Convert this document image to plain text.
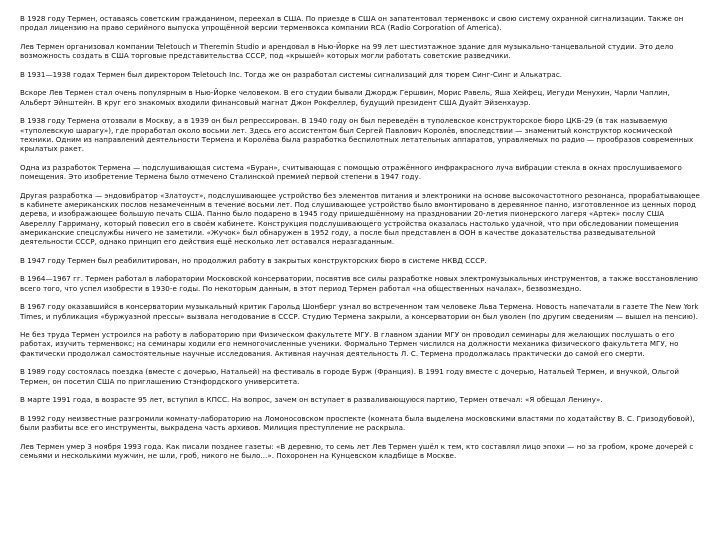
В 1928 году Термен, оставаясь советским гражданином, переехал в США. По приезде в США он запатентовал терменвокс и свою систему охранной сигнализации. Также он продал лицензию на право серийного выпуска упрощённой версии терменвокса компании RCA (Radio Corporation of America).

Лев Термен организовал компании Teletouch и Theremin Studio и арендовал в Нью-Йорке на 99 лет шестиэтажное здание для музыкально-танцевальной студии. Это дело возможность создать в США торговые представительства СССР, под «крышей» которых могли работать советские разведчики.

В 1931—1938 годах Термен был директором Teletouch Inc. Тогда же он разработал системы сигнализаций для тюрем Синг-Синг и Алькатрас.

Вскоре Лев Термен стал очень популярным в Нью-Йорке человеком. В его студии бывали Джордж Гершвин, Морис Равель, Яша Хейфец, Иегуди Менухин, Чарли Чаплин, Альберт Эйнштейн. В круг его знакомых входили финансовый магнат Джон Рокфеллер, будущий президент США Дуайт Эйзенхауэр.

В 1938 году Термена отозвали в Москву, а в 1939 он был репрессирован. В 1940 году он был переведён в туполевское конструкторское бюро ЦКБ-29 (в так называемую «туполевскую шарагу»), где проработал около восьми лет. Здесь его ассистентом был Сергей Павлович Королёв, впоследствии — знаменитый конструктор космической техники. Одним из направлений деятельности Термена и Королёва была разработка беспилотных летательных аппаратов, управляемых по радио — прообразов современных крылатых ракет.

Одна из разработок Термена — подслушивающая система «Буран», считывающая с помощью отражённого инфракрасного луча вибрации стекла в окнах прослушиваемого помещения. Это изобретение Термена было отмечено Сталинской премией первой степени в 1947 году.

Другая разработка — эндовибратор «Златоуст», подслушивающее устройство без элементов питания и электроники на основе высокочастотного резонанса, прорабатывающее в кабинете американских послов незамеченным в течение восьми лет. Под слушивающее устройство было вмонтировано в деревянное панно, изготовленное из ценных пород дерева, и изображающее большую печать США. Панно было подарено в 1945 году пришедшённому на праздновании 20-летия пионерского лагеря «Артек» послу США Авереллу Гарриману, который повесил его в своём кабинете. Конструкция подслушивающего устройства оказалась настолько удачной, что при обследовании помещения американские спецслужбы ничего не заметили. «Жучок» был обнаружен в 1952 году, а после был представлен в ООН в качестве доказательства разведывательной деятельности СССР, однако принцип его действия ещё несколько лет оставался неразгаданным.

В 1947 году Термен был реабилитирован, но продолжил работу в закрытых конструкторских бюро в системе НКВД СССР.

В 1964—1967 гг. Термен работал в лаборатории Московской консерватории, посвятив все силы разработке новых электромузыкальных инструментов, а также восстановлению всего того, что успел изобрести в 1930-е годы. По некоторым данным, в этот период Термен работал «на общественных началах», безвозмездно.

В 1967 году оказавшийся в консерватории музыкальный критик Гарольд Шонберг узнал во встреченном там человеке Льва Термена. Новость напечатали в газете The New York Times, и публикация «буржуазной прессы» вызвала негодование в СССР. Студию Термена закрыли, а консерватории он был уволен (по другим сведениям — вышел на пенсию).

Не без труда Термен устроился на работу в лабораторию при Физическом факультете МГУ. В главном здании МГУ он проводил семинары для желающих послушать о его работах, изучить терменвокс; на семинары ходили его немногочисленные ученики. Формально Термен числился на должности механика физического факультета МГУ, но фактически продолжал самостоятельные научные исследования. Активная научная деятельность Л. С. Термена продолжалась практически до самой его смерти.

В 1989 году состоялась поездка (вместе с дочерью, Натальей) на фестиваль в городе Бурж (Франция). В 1991 году вместе с дочерью, Натальей Термен, и внучкой, Ольгой Термен, он посетил США по приглашению Стэнфордского университета.

В марте 1991 года, в возрасте 95 лет, вступил в КПСС. На вопрос, зачем он вступает в разваливающуюся партию, Термен отвечал: «Я обещал Ленину».

В 1992 году неизвестные разгромили комнату-лабораторию на Ломоносовском проспекте (комната была выделена московскими властями по ходатайству В. С. Гризодубовой), были разбиты все его инструменты, выкрадена часть архивов. Милиция преступление не раскрыла.

Лев Термен умер 3 ноября 1993 года. Как писали позднее газеты: «В деревню, то семь лет Лев Термен ушёл к тем, кто составлял лицо эпохи — но за гробом, кроме дочерей с семьями и несколькими мужчин, не шли, гроб, никого не было...». Похоронен на Кунцевском кладбище в Москве.
